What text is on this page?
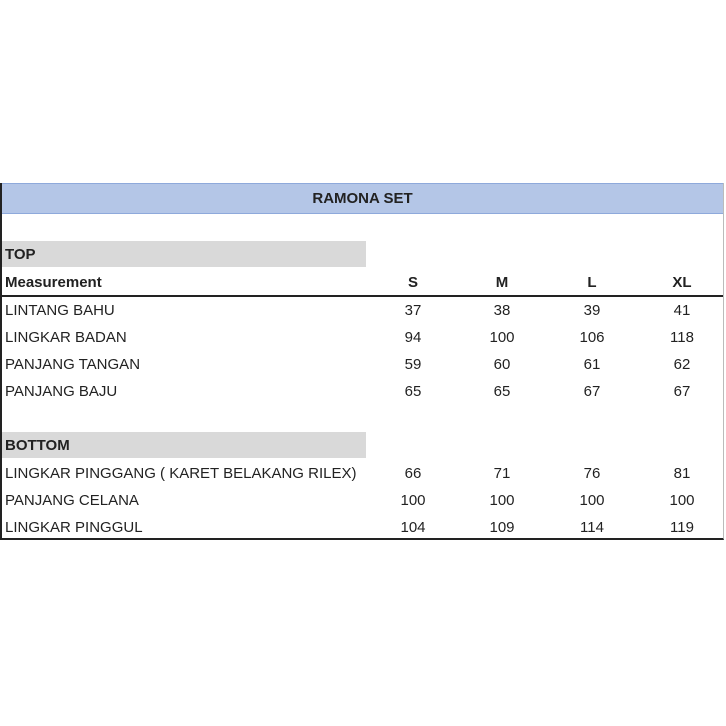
RAMONA SET
TOP
Measurement	S	M	L	XL
LINTANG BAHU	37	38	39	41
LINGKAR BADAN	94	100	106	118
PANJANG TANGAN	59	60	61	62
PANJANG BAJU	65	65	67	67
BOTTOM
LINGKAR PINGGANG ( KARET BELAKANG RILEX)	66	71	76	81
PANJANG CELANA	100	100	100	100
LINGKAR PINGGUL	104	109	114	119
